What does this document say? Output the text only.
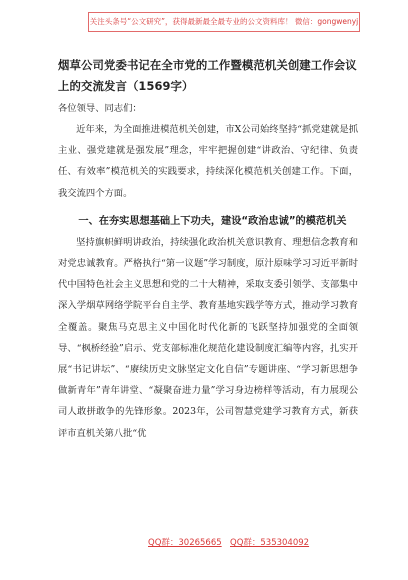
关注头条号“公文研究”，获得最新最全最专业的公文资料库！ 微信：gongwenyj

烟草公司党委书记在全市党的工作暨模范机关创建工作会议上的交流发言（1569字）

各位领导、同志们：

近年来，为全面推进模范机关创建，市X公司始终坚持“抓党建就是抓主业、强党建就是强发展”理念，牢牢把握创建“讲政治、守纪律、负责任、有效率”模范机关的实践要求，持续深化模范机关创建工作。下面，我交流四个方面。

一、在夯实思想基础上下功夫，建设“政治忠诚”的模范机关

坚持旗帜鲜明讲政治，持续强化政治机关意识教育、理想信念教育和对党忠诚教育。严格执行“第一议题”学习制度，原汁原味学习习近平新时代中国特色社会主义思想和党的二十大精神，采取支委引领学、支部集中深入学烟草网络学院平台自主学、教育基地实践学等方式，推动学习教育全覆盖。聚焦马克思主义中国化时代化新的飞跃坚持加强党的全面领导、“枫桥经验”启示、党支部标准化规范化建设制度汇编等内容，扎实开展“书记讲坛”、“赓续历史文脉坚定文化自信”专题讲座、“学习新思想争做新青年”青年讲堂、“凝聚奋进力量”学习身边榜样等活动，有力展现公司人敢拼敢争的先锋形象。2023年，公司智慧党建学习教育方式，新获评市直机关第八批“优

QQ群：30265665 QQ群：535304092
